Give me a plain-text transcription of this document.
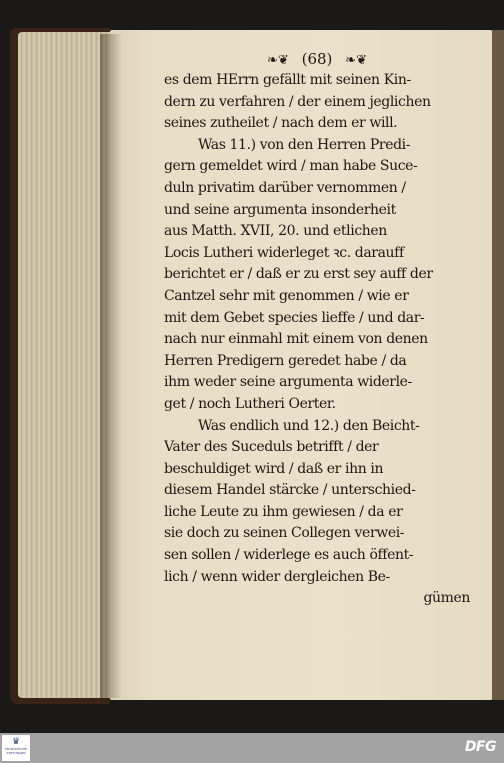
❧❦ (68) ❧❦
es dem HErrn gefällt mit seinen Kin-
dern zu verfahren / der einem jeglichen
seines zutheilet / nach dem er will.
Was 11.) von den Herren Predi-
gern gemeldet wird / man habe Suce-
duln privatim darüber vernommen /
und seine argumenta insonderheit
aus Matth. XVII, 20. und etlichen
Locis Lutheri widerleget ꝛc. darauff
berichtet er / daß er zu erst sey auff der
Cantzel sehr mit genommen / wie er
mit dem Gebet species lieffe / und dar-
nach nur einmahl mit einem von denen
Herren Predigern geredet habe / da
ihm weder seine argumenta widerle-
get / noch Lutheri Oerter.
Was endlich und 12.) den Beicht-
Vater des Suceduls betrifft / der
beschuldiget wird / daß er ihn in
diesem Handel stärcke / unterschied-
liche Leute zu ihm gewiesen / da er
sie doch zu seinen Collegen verwei-
sen sollen / widerlege es auch öffent-
lich / wenn wider dergleichen Be-
gümen
♛
FRANCKESCHE STIFTUNGEN	DFG
